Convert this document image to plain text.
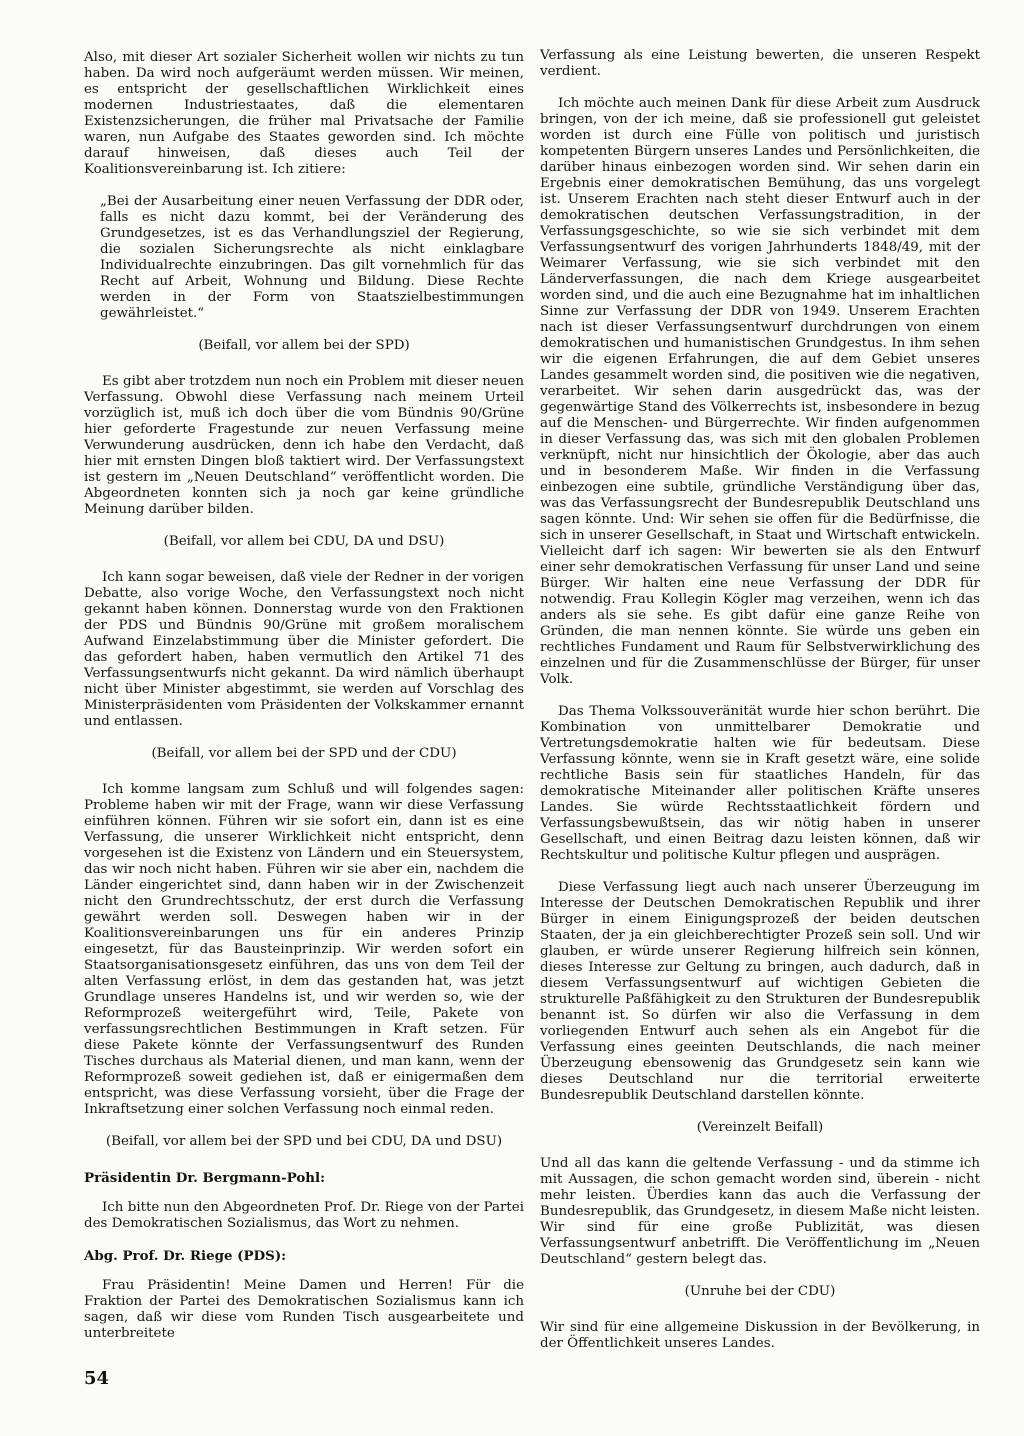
Also, mit dieser Art sozialer Sicherheit wollen wir nichts zu tun haben. Da wird noch aufgeräumt werden müssen. Wir meinen, es entspricht der gesellschaftlichen Wirklichkeit eines modernen Industriestaates, daß die elementaren Existenzsicherungen, die früher mal Privatsache der Familie waren, nun Aufgabe des Staates geworden sind. Ich möchte darauf hinweisen, daß dieses auch Teil der Koalitionsvereinbarung ist. Ich zitiere:

„Bei der Ausarbeitung einer neuen Verfassung der DDR oder, falls es nicht dazu kommt, bei der Veränderung des Grundgesetzes, ist es das Verhandlungsziel der Regierung, die sozialen Sicherungsrechte als nicht einklagbare Individualrechte einzubringen. Das gilt vornehmlich für das Recht auf Arbeit, Wohnung und Bildung. Diese Rechte werden in der Form von Staatszielbestimmungen gewährleistet.“

(Beifall, vor allem bei der SPD)

Es gibt aber trotzdem nun noch ein Problem mit dieser neuen Verfassung. Obwohl diese Verfassung nach meinem Urteil vorzüglich ist, muß ich doch über die vom Bündnis 90/Grüne hier geforderte Fragestunde zur neuen Verfassung meine Verwunderung ausdrücken, denn ich habe den Verdacht, daß hier mit ernsten Dingen bloß taktiert wird. Der Verfassungstext ist gestern im „Neuen Deutschland“ veröffentlicht worden. Die Abgeordneten konnten sich ja noch gar keine gründliche Meinung darüber bilden.

(Beifall, vor allem bei CDU, DA und DSU)

Ich kann sogar beweisen, daß viele der Redner in der vorigen Debatte, also vorige Woche, den Verfassungstext noch nicht gekannt haben können. Donnerstag wurde von den Fraktionen der PDS und Bündnis 90/Grüne mit großem moralischem Aufwand Einzelabstimmung über die Minister gefordert. Die das gefordert haben, haben vermutlich den Artikel 71 des Verfassungsentwurfs nicht gekannt. Da wird nämlich überhaupt nicht über Minister abgestimmt, sie werden auf Vorschlag des Ministerpräsidenten vom Präsidenten der Volkskammer ernannt und entlassen.

(Beifall, vor allem bei der SPD und der CDU)

Ich komme langsam zum Schluß und will folgendes sagen: Probleme haben wir mit der Frage, wann wir diese Verfassung einführen können. Führen wir sie sofort ein, dann ist es eine Verfassung, die unserer Wirklichkeit nicht entspricht, denn vorgesehen ist die Existenz von Ländern und ein Steuersystem, das wir noch nicht haben. Führen wir sie aber ein, nachdem die Länder eingerichtet sind, dann haben wir in der Zwischenzeit nicht den Grundrechtsschutz, der erst durch die Verfassung gewährt werden soll. Deswegen haben wir in der Koalitionsvereinbarungen uns für ein anderes Prinzip eingesetzt, für das Bausteinprinzip. Wir werden sofort ein Staatsorganisationsgesetz einführen, das uns von dem Teil der alten Verfassung erlöst, in dem das gestanden hat, was jetzt Grundlage unseres Handelns ist, und wir werden so, wie der Reformprozeß weitergeführt wird, Teile, Pakete von verfassungsrechtlichen Bestimmungen in Kraft setzen. Für diese Pakete könnte der Verfassungsentwurf des Runden Tisches durchaus als Material dienen, und man kann, wenn der Reformprozeß soweit gediehen ist, daß er einigermaßen dem entspricht, was diese Verfassung vorsieht, über die Frage der Inkraftsetzung einer solchen Verfassung noch einmal reden.

(Beifall, vor allem bei der SPD und bei CDU, DA und DSU)

Präsidentin Dr. Bergmann-Pohl:

Ich bitte nun den Abgeordneten Prof. Dr. Riege von der Partei des Demokratischen Sozialismus, das Wort zu nehmen.

Abg. Prof. Dr. Riege (PDS):

Frau Präsidentin! Meine Damen und Herren! Für die Fraktion der Partei des Demokratischen Sozialismus kann ich sagen, daß wir diese vom Runden Tisch ausgearbeitete und unterbreitete

Verfassung als eine Leistung bewerten, die unseren Respekt verdient.

Ich möchte auch meinen Dank für diese Arbeit zum Ausdruck bringen, von der ich meine, daß sie professionell gut geleistet worden ist durch eine Fülle von politisch und juristisch kompetenten Bürgern unseres Landes und Persönlichkeiten, die darüber hinaus einbezogen worden sind. Wir sehen darin ein Ergebnis einer demokratischen Bemühung, das uns vorgelegt ist. Unserem Erachten nach steht dieser Entwurf auch in der demokratischen deutschen Verfassungstradition, in der Verfassungsgeschichte, so wie sie sich verbindet mit dem Verfassungsentwurf des vorigen Jahrhunderts 1848/49, mit der Weimarer Verfassung, wie sie sich verbindet mit den Länderverfassungen, die nach dem Kriege ausgearbeitet worden sind, und die auch eine Bezugnahme hat im inhaltlichen Sinne zur Verfassung der DDR von 1949. Unserem Erachten nach ist dieser Verfassungsentwurf durchdrungen von einem demokratischen und humanistischen Grundgestus. In ihm sehen wir die eigenen Erfahrungen, die auf dem Gebiet unseres Landes gesammelt worden sind, die positiven wie die negativen, verarbeitet. Wir sehen darin ausgedrückt das, was der gegenwärtige Stand des Völkerrechts ist, insbesondere in bezug auf die Menschen- und Bürgerrechte. Wir finden aufgenommen in dieser Verfassung das, was sich mit den globalen Problemen verknüpft, nicht nur hinsichtlich der Ökologie, aber das auch und in besonderem Maße. Wir finden in die Verfassung einbezogen eine subtile, gründliche Verständigung über das, was das Verfassungsrecht der Bundesrepublik Deutschland uns sagen könnte. Und: Wir sehen sie offen für die Bedürfnisse, die sich in unserer Gesellschaft, in Staat und Wirtschaft entwickeln. Vielleicht darf ich sagen: Wir bewerten sie als den Entwurf einer sehr demokratischen Verfassung für unser Land und seine Bürger. Wir halten eine neue Verfassung der DDR für notwendig. Frau Kollegin Kögler mag verzeihen, wenn ich das anders als sie sehe. Es gibt dafür eine ganze Reihe von Gründen, die man nennen könnte. Sie würde uns geben ein rechtliches Fundament und Raum für Selbstverwirklichung des einzelnen und für die Zusammenschlüsse der Bürger, für unser Volk.

Das Thema Volkssouveränität wurde hier schon berührt. Die Kombination von unmittelbarer Demokratie und Vertretungsdemokratie halten wie für bedeutsam. Diese Verfassung könnte, wenn sie in Kraft gesetzt wäre, eine solide rechtliche Basis sein für staatliches Handeln, für das demokratische Miteinander aller politischen Kräfte unseres Landes. Sie würde Rechtsstaatlichkeit fördern und Verfassungsbewußtsein, das wir nötig haben in unserer Gesellschaft, und einen Beitrag dazu leisten können, daß wir Rechtskultur und politische Kultur pflegen und ausprägen.

Diese Verfassung liegt auch nach unserer Überzeugung im Interesse der Deutschen Demokratischen Republik und ihrer Bürger in einem Einigungsprozeß der beiden deutschen Staaten, der ja ein gleichberechtigter Prozeß sein soll. Und wir glauben, er würde unserer Regierung hilfreich sein können, dieses Interesse zur Geltung zu bringen, auch dadurch, daß in diesem Verfassungsentwurf auf wichtigen Gebieten die strukturelle Paßfähigkeit zu den Strukturen der Bundesrepublik benannt ist. So dürfen wir also die Verfassung in dem vorliegenden Entwurf auch sehen als ein Angebot für die Verfassung eines geeinten Deutschlands, die nach meiner Überzeugung ebensowenig das Grundgesetz sein kann wie dieses Deutschland nur die territorial erweiterte Bundesrepublik Deutschland darstellen könnte.

(Vereinzelt Beifall)

Und all das kann die geltende Verfassung - und da stimme ich mit Aussagen, die schon gemacht worden sind, überein - nicht mehr leisten. Überdies kann das auch die Verfassung der Bundesrepublik, das Grundgesetz, in diesem Maße nicht leisten. Wir sind für eine große Publizität, was diesen Verfassungsentwurf anbetrifft. Die Veröffentlichung im „Neuen Deutschland“ gestern belegt das.

(Unruhe bei der CDU)

Wir sind für eine allgemeine Diskussion in der Bevölkerung, in der Öffentlichkeit unseres Landes.

54
